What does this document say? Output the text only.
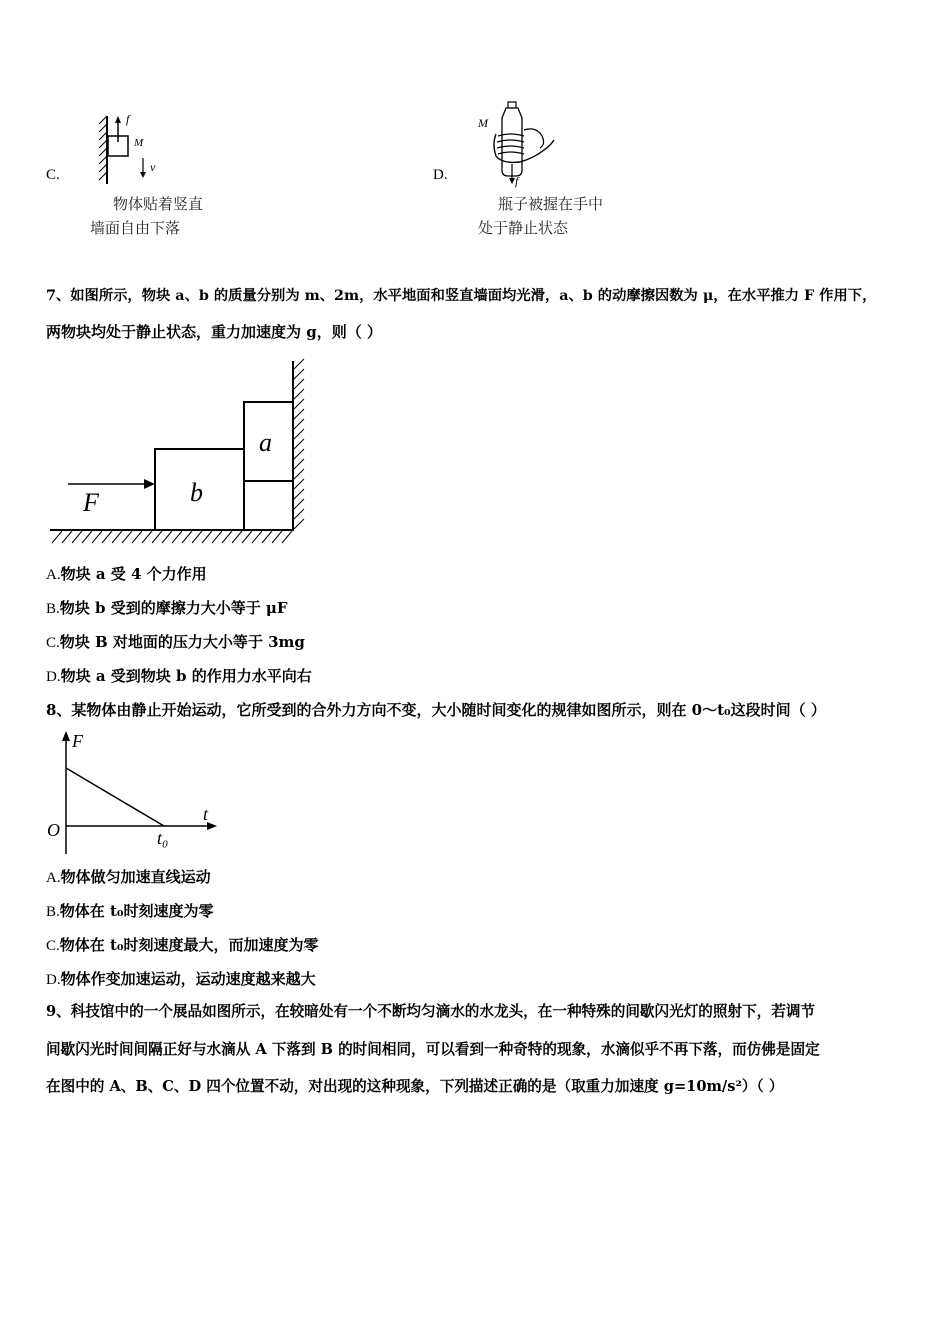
C.
f
M
v
物体贴着竖直
墙面自由下落
D.
M
f
瓶子被握在手中
处于静止状态
7、如图所示，物块 a、b 的质量分别为 m、2m，水平地面和竖直墙面均光滑，a、b 的动摩擦因数为 μ，在水平推力 F 作用下，
两物块均处于静止状态，重力加速度为 g，则（ ）
a
b
F
A.物块 a 受 4 个力作用
B.物块 b 受到的摩擦力大小等于 μF
C.物块 B 对地面的压力大小等于 3mg
D.物块 a 受到物块 b 的作用力水平向右
8、某物体由静止开始运动，它所受到的合外力方向不变，大小随时间变化的规律如图所示，则在 0～t₀这段时间（ ）
F
t
O	t₀
A.物体做匀加速直线运动
B.物体在 t₀时刻速度为零
C.物体在 t₀时刻速度最大，而加速度为零
D.物体作变加速运动，运动速度越来越大
9、科技馆中的一个展品如图所示，在较暗处有一个不断均匀滴水的水龙头，在一种特殊的间歇闪光灯的照射下，若调节
间歇闪光时间间隔正好与水滴从 A 下落到 B 的时间相同，可以看到一种奇特的现象，水滴似乎不再下落，而仿佛是固定
在图中的 A、B、C、D 四个位置不动，对出现的这种现象，下列描述正确的是（取重力加速度 g=10m/s²）（ ）
